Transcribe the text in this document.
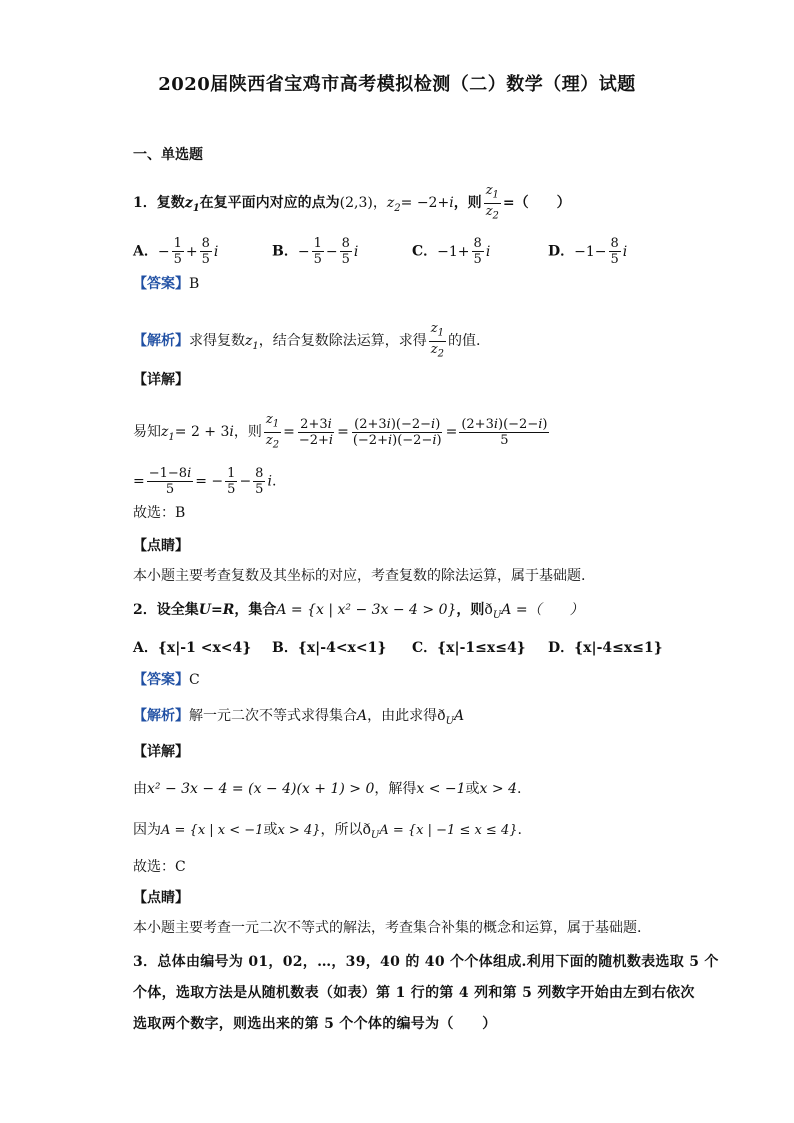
2020届陕西省宝鸡市高考模拟检测（二）数学（理）试题
一、单选题
1．复数$z_1$在复平面内对应的点为(2,3)，$z_2= -2+i$，则 $\frac{z_1}{z_2}$ =（　　）
A．− $\frac{1}{5} + \frac{8}{5}$ i	B．− $\frac{1}{5} - \frac{8}{5}$ i	C．$-1+ \frac{8}{5}$ i	D．$-1- \frac{8}{5}$ i
【答案】B
【解析】求得复数$z_1$，结合复数除法运算，求得 $\frac{z_1}{z_2}$ 的值.
【详解】
易知$z_1= 2 + 3i$，则 $\frac{z_1}{z_2} = \frac{2+3i}{-2+i} = \frac{(2+3i)(-2-i)}{(-2+i)(-2-i)} = \frac{(2+3i)(-2-i)}{5}$
= $\frac{-1-8i}{5}$ = − $\frac{1}{5} - \frac{8}{5} i$.
故选：B
【点睛】
本小题主要考查复数及其坐标的对应，考查复数的除法运算，属于基础题.
2．设全集U=R，集合A = {x | x² − 3x − 4 > 0}，则$ð_UA$ =（　　）
A．{x|-1 <x<4} B．{x|-4<x<1} C．{x|-1≤x≤4} D．{x|-4≤x≤1}
【答案】C
【解析】解一元二次不等式求得集合A，由此求得$ð_UA$
【详解】
由x² − 3x − 4 = (x − 4)(x + 1) > 0，解得x < −1或x > 4.
因为A = {x | x < −1或x > 4}，所以$ð_UA = \{x$ | −1 ≤ x ≤ 4}.
故选：C
【点睛】
本小题主要考查一元二次不等式的解法，考查集合补集的概念和运算，属于基础题.
3．总体由编号为 01，02，…，39，40 的 40 个个体组成.利用下面的随机数表选取 5 个
个体，选取方法是从随机数表（如表）第 1 行的第 4 列和第 5 列数字开始由左到右依次
选取两个数字，则选出来的第 5 个个体的编号为（　　）
